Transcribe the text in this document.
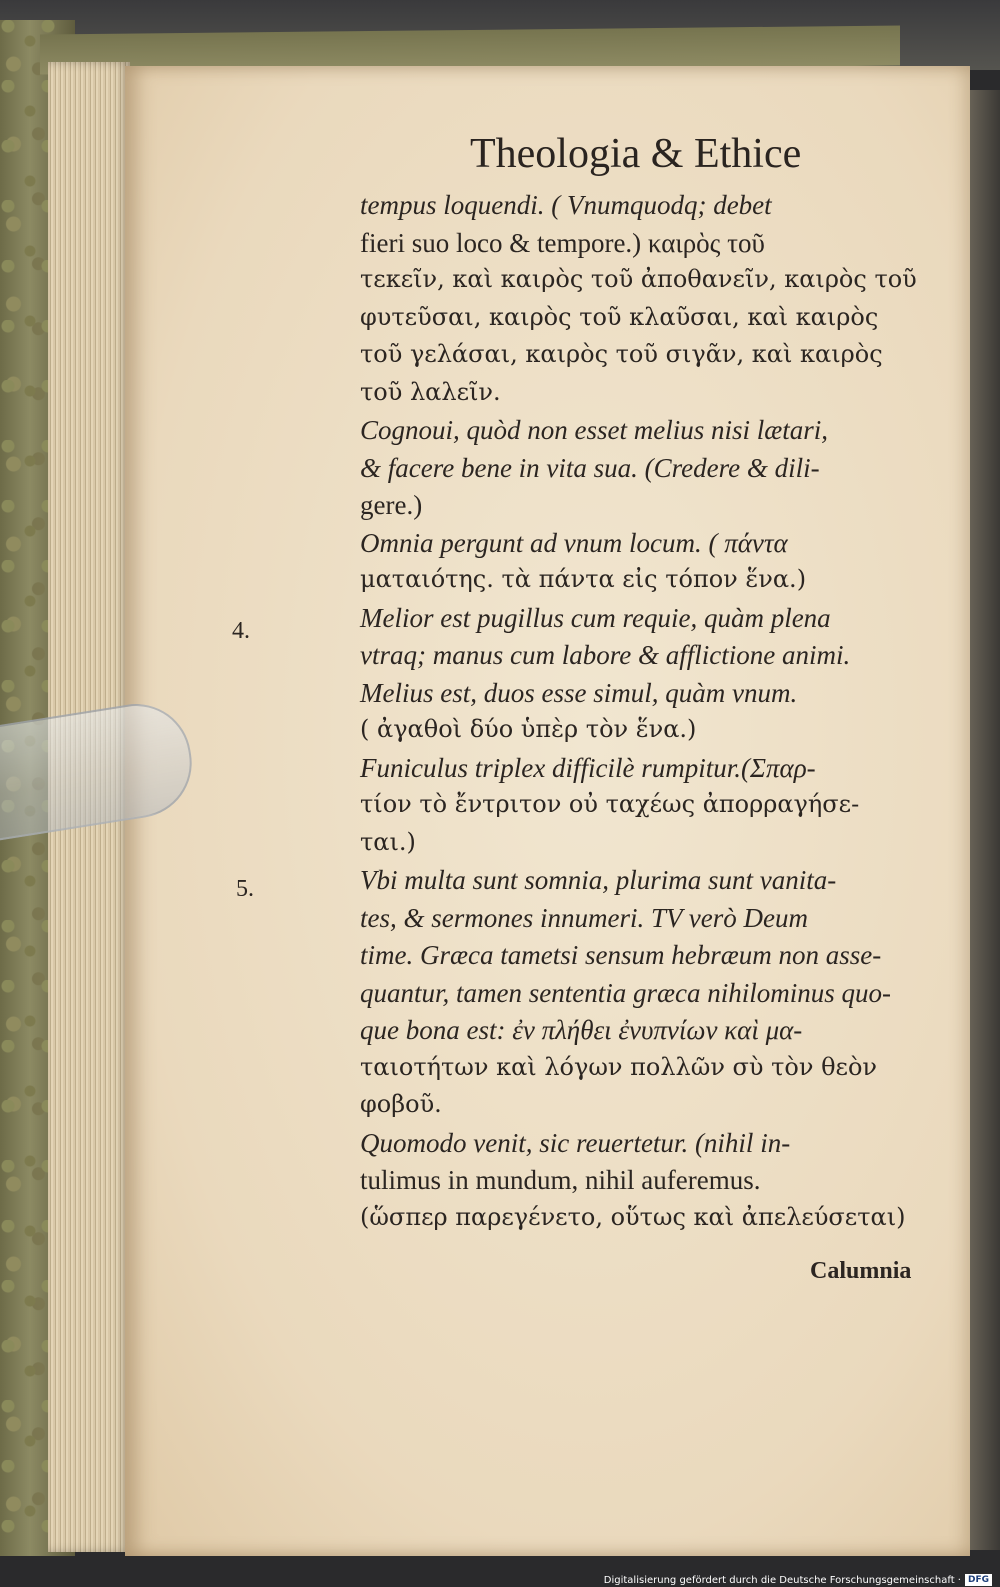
Theologia & Ethice
tempus loquendi. ( Vnumquodq; debet
fieri suo loco & tempore.) καιρὸς τοῦ
τεκεῖν, καὶ καιρὸς τοῦ ἀποθανεῖν, καιρὸς τοῦ
φυτεῦσαι, καιρὸς τοῦ κλαῦσαι, καὶ καιρὸς
τοῦ γελάσαι, καιρὸς τοῦ σιγᾶν, καὶ καιρὸς
τοῦ λαλεῖν.
Cognoui, quòd non esset melius nisi lætari,
& facere bene in vita sua. (Credere & dili-
gere.)
Omnia pergunt ad vnum locum. ( πάντα
ματαιότης. τὰ πάντα εἰς τόπον ἕνα.)
Melior est pugillus cum requie, quàm plena
vtraq; manus cum labore & afflictione animi.
Melius est, duos esse simul, quàm vnum.
( ἀγαθοὶ δύο ὑπὲρ τὸν ἕνα.)
Funiculus triplex difficilè rumpitur.(Σπαρ-
τίον τὸ ἔντριτον οὐ ταχέως ἀπορραγήσε-
ται.)
Vbi multa sunt somnia, plurima sunt vanita-
tes, & sermones innumeri. TV verò Deum
time. Græca tametsi sensum hebræum non asse-
quantur, tamen sententia græca nihilominus quo-
que bona est: ἐν πλήθει ἐνυπνίων καὶ μα-
ταιοτήτων καὶ λόγων πολλῶν σὺ τὸν θεὸν
φοβοῦ.
Quomodo venit, sic reuertetur. (nihil in-
tulimus in mundum, nihil auferemus.
(ὥσπερ παρεγένετο, οὕτως καὶ ἀπελεύσεται)
4.
5.
Calumnia
Digitalisierung gefördert durch die Deutsche Forschungsgemeinschaft · DFG
